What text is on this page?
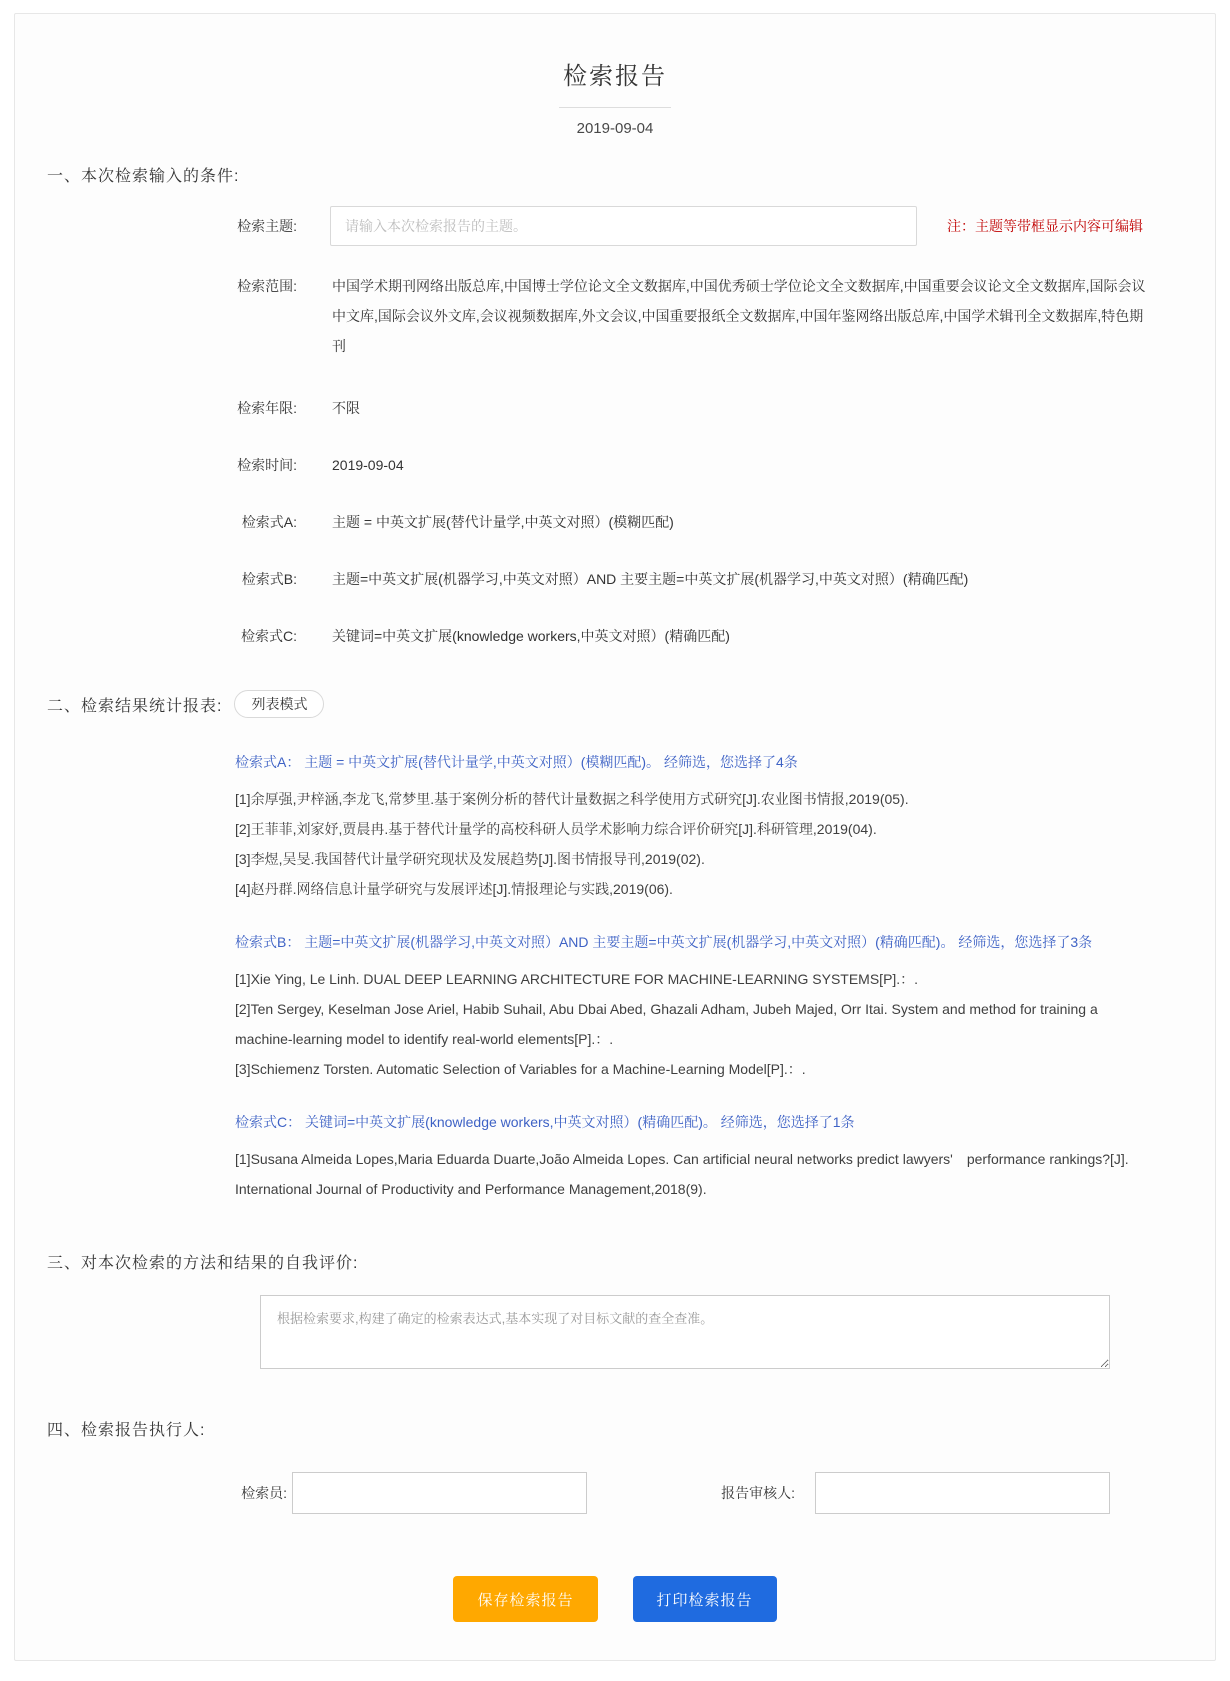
检索报告
2019-09-04
一、本次检索输入的条件:
检索主题:
请输入本次检索报告的主题。	注：主题等带框显示内容可编辑
检索范围:	中国学术期刊网络出版总库,中国博士学位论文全文数据库,中国优秀硕士学位论文全文数据库,中国重要会议论文全文数据库,国际会议中文库,国际会议外文库,会议视频数据库,外文会议,中国重要报纸全文数据库,中国年鉴网络出版总库,中国学术辑刊全文数据库,特色期刊
检索年限:	不限
检索时间:	2019-09-04
检索式A:	主题 = 中英文扩展(替代计量学,中英文对照）(模糊匹配)
检索式B:	主题=中英文扩展(机器学习,中英文对照）AND 主要主题=中英文扩展(机器学习,中英文对照）(精确匹配)
检索式C:	关键词=中英文扩展(knowledge workers,中英文对照）(精确匹配)
二、检索结果统计报表:	列表模式
检索式A： 主题 = 中英文扩展(替代计量学,中英文对照）(模糊匹配)。 经筛选，您选择了4条
[1]余厚强,尹梓涵,李龙飞,常梦里.基于案例分析的替代计量数据之科学使用方式研究[J].农业图书情报,2019(05).
[2]王菲菲,刘家妤,贾晨冉.基于替代计量学的高校科研人员学术影响力综合评价研究[J].科研管理,2019(04).
[3]李煜,吴旻.我国替代计量学研究现状及发展趋势[J].图书情报导刊,2019(02).
[4]赵丹群.网络信息计量学研究与发展评述[J].情报理论与实践,2019(06).
检索式B： 主题=中英文扩展(机器学习,中英文对照）AND 主要主题=中英文扩展(机器学习,中英文对照）(精确匹配)。 经筛选，您选择了3条
[1]Xie Ying, Le Linh. DUAL DEEP LEARNING ARCHITECTURE FOR MACHINE-LEARNING SYSTEMS[P].：.
[2]Ten Sergey, Keselman Jose Ariel, Habib Suhail, Abu Dbai Abed, Ghazali Adham, Jubeh Majed, Orr Itai. System and method for training a machine-learning model to identify real-world elements[P].：.
[3]Schiemenz Torsten. Automatic Selection of Variables for a Machine-Learning Model[P].：.
检索式C： 关键词=中英文扩展(knowledge workers,中英文对照）(精确匹配)。 经筛选，您选择了1条
[1]Susana Almeida Lopes,Maria Eduarda Duarte,João Almeida Lopes. Can artificial neural networks predict lawyers'　performance rankings?[J]. International Journal of Productivity and Performance Management,2018(9).
三、对本次检索的方法和结果的自我评价:
根据检索要求,构建了确定的检索表达式,基本实现了对目标文献的查全查准。
四、检索报告执行人:
检索员:	报告审核人:
保存检索报告	打印检索报告
